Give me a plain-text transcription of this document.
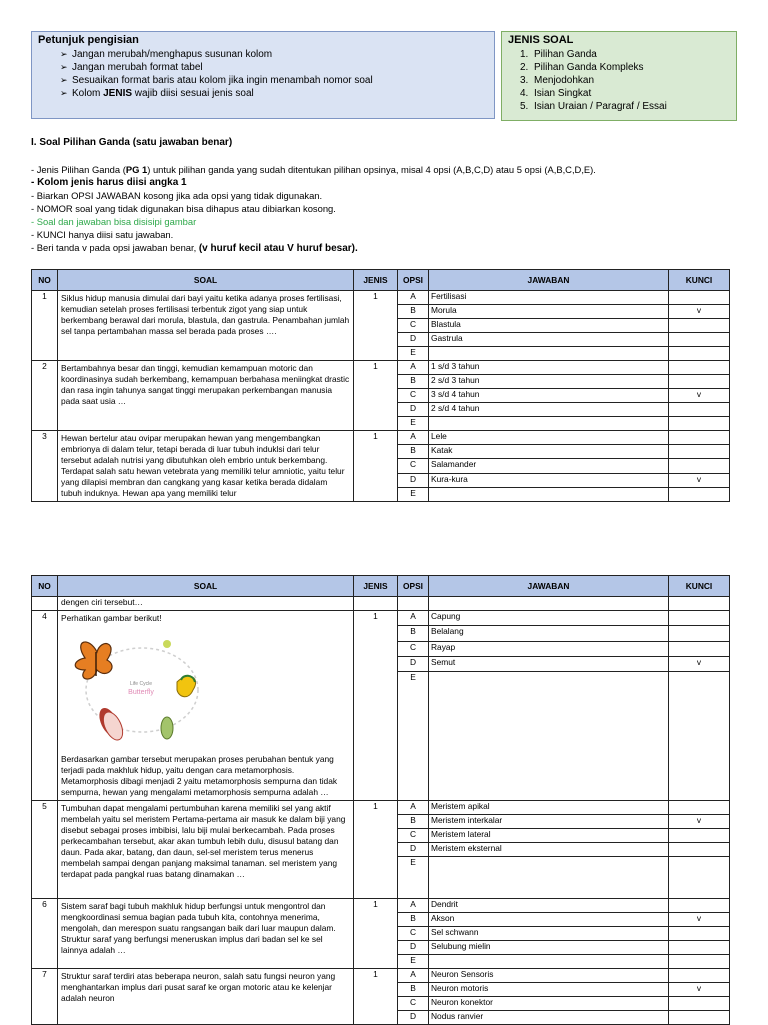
Petunjuk pengisian
➢ Jangan merubah/menghapus susunan kolom
➢ Jangan merubah format tabel
➢ Sesuaikan format baris atau kolom jika ingin menambah nomor soal
➢ Kolom JENIS wajib diisi sesuai jenis soal
JENIS SOAL
1. Pilihan Ganda
2. Pilihan Ganda Kompleks
3. Menjodohkan
4. Isian Singkat
5. Isian Uraian / Paragraf / Essai
I. Soal Pilihan Ganda (satu jawaban benar)
- Jenis Pilihan Ganda (PG 1) untuk pilihan ganda yang sudah ditentukan pilihan opsinya, misal 4 opsi (A,B,C,D) atau 5 opsi (A,B,C,D,E).
- Kolom jenis harus diisi angka 1
- Biarkan OPSI JAWABAN kosong jika ada opsi yang tidak digunakan.
- NOMOR soal yang tidak digunakan bisa dihapus atau dibiarkan kosong.
- Soal dan jawaban bisa disisipi gambar
- KUNCI hanya diisi satu jawaban.
- Beri tanda v pada opsi jawaban benar, (v huruf kecil atau V huruf besar).
NO	SOAL	JENIS	OPSI	JAWABAN	KUNCI
1	Siklus hidup manusia dimulai dari bayi yaitu ketika adanya proses fertilisasi, kemudian setelah proses fertilisasi terbentuk zigot yang siap untuk berkembang berawal dari morula, blastula, dan gastrula. Penambahan jumlah sel tanpa pertambahan massa sel berada pada proses ….	1	A	Fertilisasi	
			B	Morula	v
			C	Blastula	
			D	Gastrula	
			E		
2	Bertambahnya besar dan tinggi, kemudian kemampuan motoric dan koordinasinya sudah berkembang, kemampuan berbahasa meniingkat drastic dan rasa ingin tahunya sangat tinggi merupakan perkembangan manusia pada saat usia …	1	A	1 s/d 3 tahun	
			B	2 s/d 3 tahun	
			C	3 s/d 4 tahun	v
			D	2 s/d 4 tahun	
			E		
3	Hewan bertelur atau ovipar merupakan hewan yang mengembangkan embrionya di dalam telur, tetapi berada di luar tubuh induklsi dari telur tersebut adalah nutrisi yang dibutuhkan oleh embrio untuk berkembang. Terdapat salah satu hewan vetebrata yang memiliki telur amniotic, yaitu telur yang dilapisi membran dan cangkang yang kasar ketika berada didalam tubuh induknya. Hewan apa yang memiliki telur	1	A	Lele	
			B	Katak	
			C	Salamander	
			D	Kura-kura	v
			E		
NO	SOAL	JENIS	OPSI	JAWABAN	KUNCI
	dengen ciri tersebut…				
4	Perhatikan gambar berikut!
Life Cycle
Butterfly
Berdasarkan gambar tersebut merupakan proses perubahan bentuk yang terjadi pada makhluk hidup, yaitu dengan cara metamorphosis. Metamorphosis dibagi menjadi 2 yaitu metamorphosis sempurna dan tidak sempurna, hewan yang mengalami metamorphosis sempurna adalah …	1	A	Capung	
			B	Belalang	
			C	Rayap	
			D	Semut	v
			E		
5	Tumbuhan dapat mengalami pertumbuhan karena memiliki sel yang aktif membelah yaitu sel meristem Pertama-pertama air masuk ke dalam biji yang disebut sebagai proses imbibisi, lalu biji mulai berkecambah. Pada proses perkecambahan tersebut, akar akan tumbuh lebih dulu, disusul batang dan daun. Pada akar, batang, dan daun, sel-sel meristem terus menerus membelah sampai dengan panjang maksimal tanaman. sel meristem yang terdapat pada pangkal ruas batang dinamakan …	1	A	Meristem apikal	
			B	Meristem interkalar	v
			C	Meristem lateral	
			D	Meristem eksternal	
			E		
6	Sistem saraf bagi tubuh makhluk hidup berfungsi untuk mengontrol dan mengkoordinasi semua bagian pada tubuh kita, contohnya menerima, mengolah, dan merespon suatu rangsangan baik dari luar maupun dalam. Struktur saraf yang berfungsi meneruskan implus dari badan sel ke sel lainnya adalah …	1	A	Dendrit	
			B	Akson	v
			C	Sel schwann	
			D	Selubung mielin	
			E		
7	Struktur saraf terdiri atas beberapa neuron, salah satu fungsi neuron yang menghantarkan implus dari pusat saraf ke organ motoric atau ke kelenjar adalah neuron	1	A	Neuron Sensoris	
			B	Neuron motoris	v
			C	Neuron konektor	
			D	Nodus ranvier	
